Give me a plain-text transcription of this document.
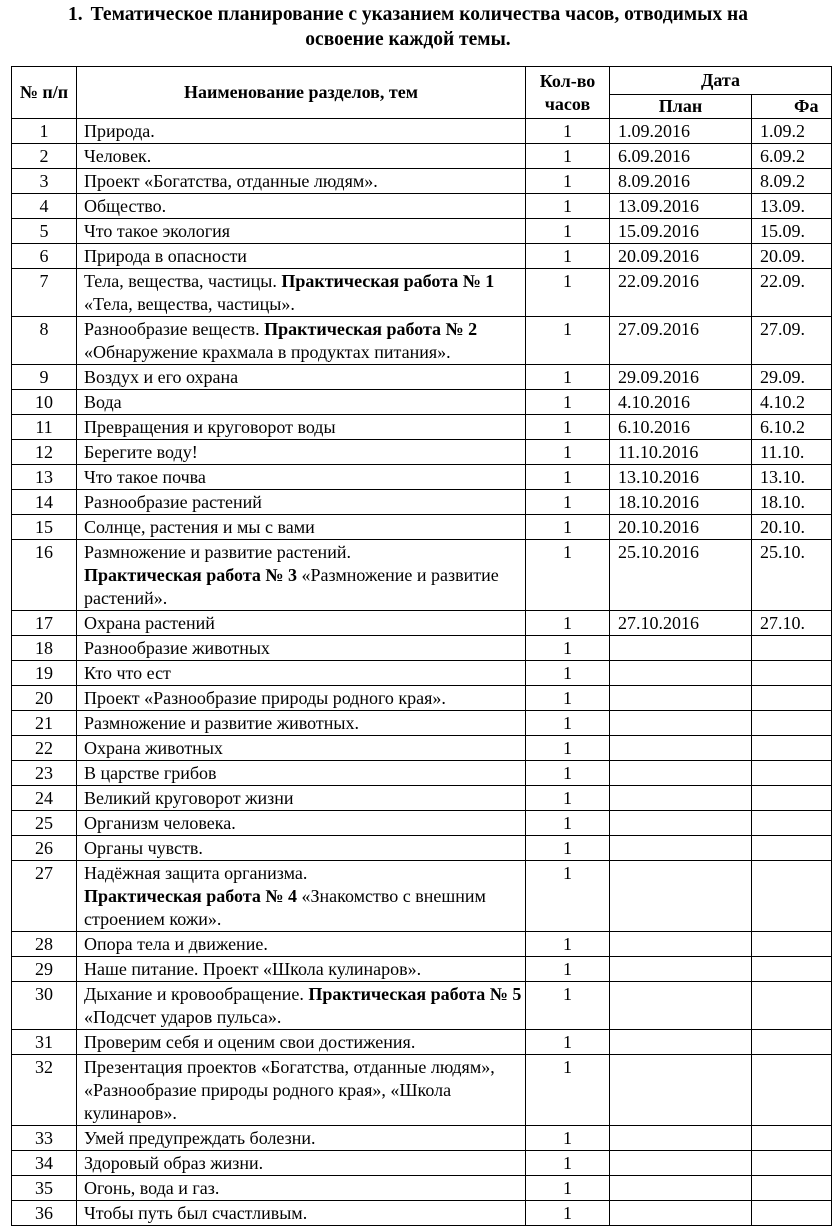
1. Тематическое планирование с указанием количества часов, отводимых на
освоение каждой темы.
№ п/п	Наименование разделов, тем	Кол-во часов	Дата	
			План	Фа
1	Природа.	1	1.09.2016	1.09.2
2	Человек.	1	6.09.2016	6.09.2
3	Проект «Богатства, отданные людям».	1	8.09.2016	8.09.2
4	Общество.	1	13.09.2016	13.09.
5	Что такое экология	1	15.09.2016	15.09.
6	Природа в опасности	1	20.09.2016	20.09.
7	Тела, вещества, частицы. Практическая работа № 1 «Тела, вещества, частицы».	1	22.09.2016	22.09.
8	Разнообразие веществ. Практическая работа № 2 «Обнаружение крахмала в продуктах питания».	1	27.09.2016	27.09.
9	Воздух и его охрана	1	29.09.2016	29.09.
10	Вода	1	4.10.2016	4.10.2
11	Превращения и круговорот воды	1	6.10.2016	6.10.2
12	Берегите воду!	1	11.10.2016	11.10.
13	Что такое почва	1	13.10.2016	13.10.
14	Разнообразие растений	1	18.10.2016	18.10.
15	Солнце, растения и мы с вами	1	20.10.2016	20.10.
16	Размножение и развитие растений.
Практическая работа № 3 «Размножение и развитие растений».	1	25.10.2016	25.10.
17	Охрана растений	1	27.10.2016	27.10.
18	Разнообразие животных	1		
19	Кто что ест	1		
20	Проект «Разнообразие природы родного края».	1		
21	Размножение и развитие животных.	1		
22	Охрана животных	1		
23	В царстве грибов	1		
24	Великий круговорот жизни	1		
25	Организм человека.	1		
26	Органы чувств.	1		
27	Надёжная защита организма.
Практическая работа № 4 «Знакомство с внешним строением кожи».	1		
28	Опора тела и движение.	1		
29	Наше питание. Проект «Школа кулинаров».	1		
30	Дыхание и кровообращение. Практическая работа № 5 «Подсчет ударов пульса».	1		
31	Проверим себя и оценим свои достижения.	1		
32	Презентация проектов «Богатства, отданные людям», «Разнообразие природы родного края», «Школа кулинаров».	1		
33	Умей предупреждать болезни.	1		
34	Здоровый образ жизни.	1		
35	Огонь, вода и газ.	1		
36	Чтобы путь был счастливым.	1		
